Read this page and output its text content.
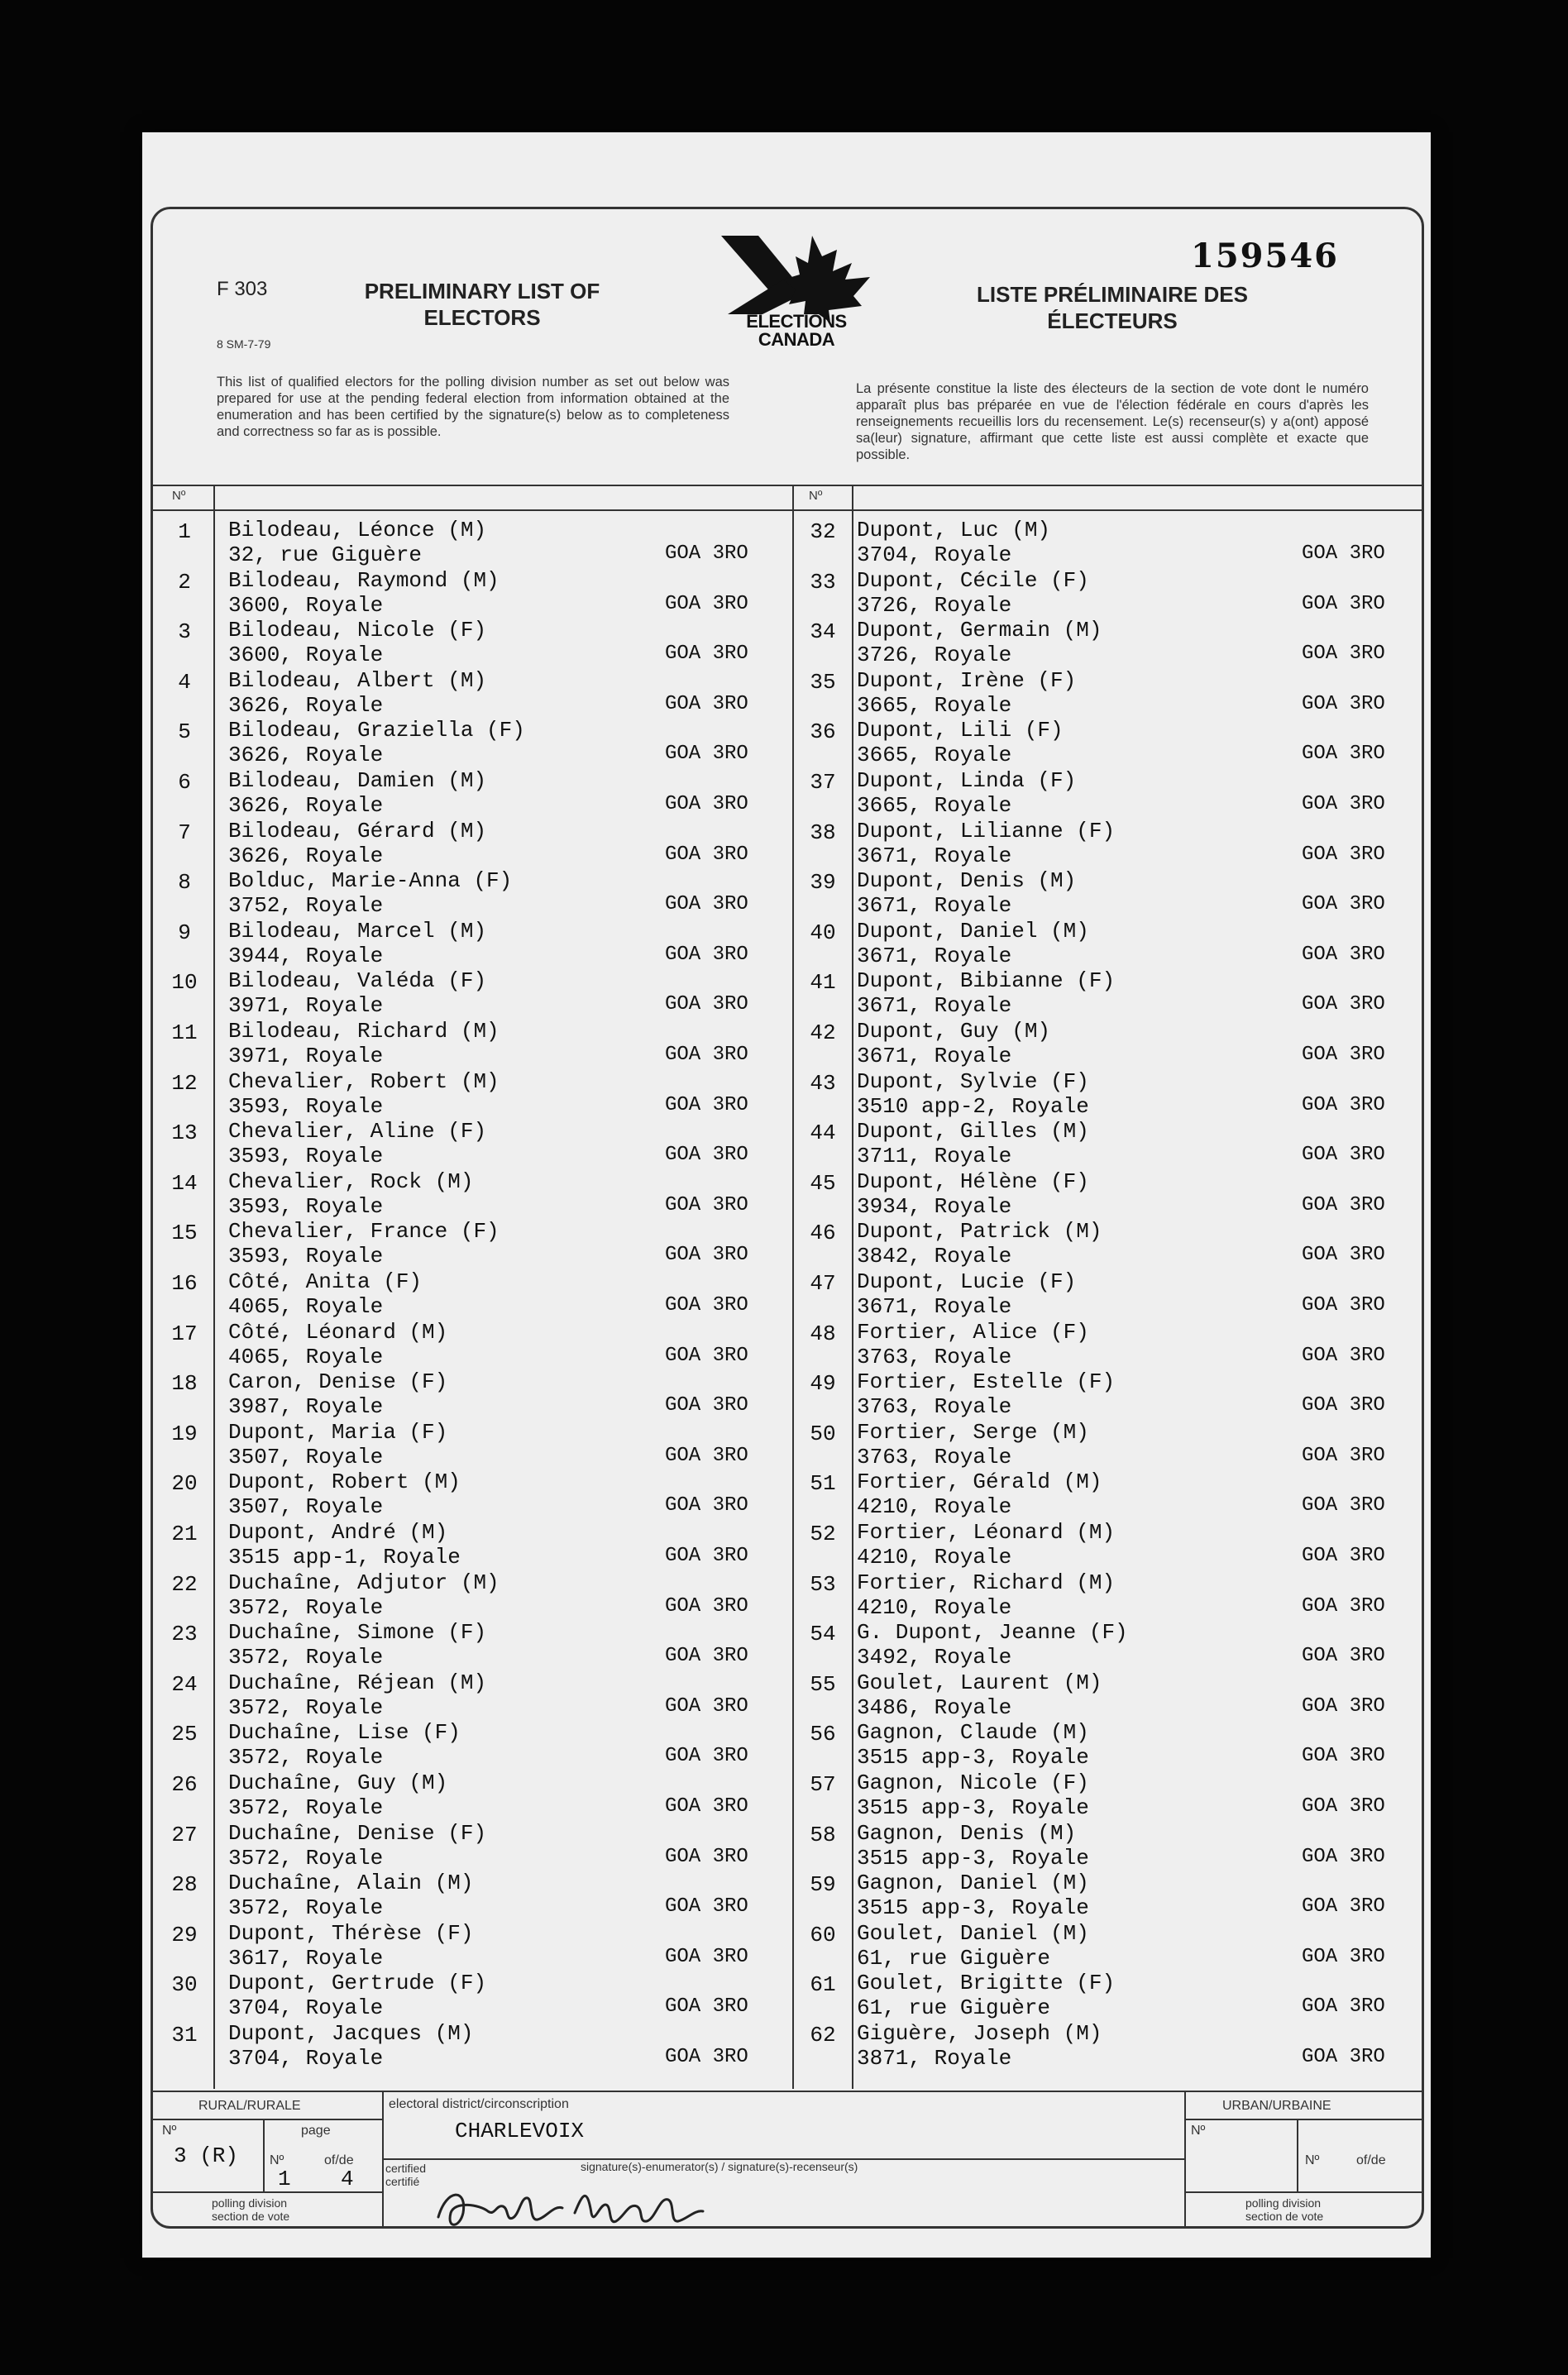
F 303
8 SM-7-79
PRELIMINARY LIST OF
ELECTORS	ELECTIONS
CANADA
159546
LISTE PRÉLIMINAIRE DES
ÉLECTEURS
This list of qualified electors for the polling division number as set out below was prepared for use at the pending federal election from information obtained at the enumeration and has been certified by the signature(s) below as to completeness and correctness so far as is possible.
La présente constitue la liste des électeurs de la section de vote dont le numéro apparaît plus bas préparée en vue de l'élection fédérale en cours d'après les renseignements recueillis lors du recensement. Le(s) recenseur(s) y a(ont) apposé sa(leur) signature, affirmant que cette liste est aussi complète et exacte que possible.
Nº	Nº
1	Bilodeau, Léonce (M)
32, rue Giguère	GOA 3RO
2	Bilodeau, Raymond (M)
3600, Royale	GOA 3RO
3	Bilodeau, Nicole (F)
3600, Royale	GOA 3RO
4	Bilodeau, Albert (M)
3626, Royale	GOA 3RO
5	Bilodeau, Graziella (F)
3626, Royale	GOA 3RO
6	Bilodeau, Damien (M)
3626, Royale	GOA 3RO
7	Bilodeau, Gérard (M)
3626, Royale	GOA 3RO
8	Bolduc, Marie-Anna (F)
3752, Royale	GOA 3RO
9	Bilodeau, Marcel (M)
3944, Royale	GOA 3RO
10	Bilodeau, Valéda (F)
3971, Royale	GOA 3RO
11	Bilodeau, Richard (M)
3971, Royale	GOA 3RO
12	Chevalier, Robert (M)
3593, Royale	GOA 3RO
13	Chevalier, Aline (F)
3593, Royale	GOA 3RO
14	Chevalier, Rock (M)
3593, Royale	GOA 3RO
15	Chevalier, France (F)
3593, Royale	GOA 3RO
16	Côté, Anita (F)
4065, Royale	GOA 3RO
17	Côté, Léonard (M)
4065, Royale	GOA 3RO
18	Caron, Denise (F)
3987, Royale	GOA 3RO
19	Dupont, Maria (F)
3507, Royale	GOA 3RO
20	Dupont, Robert (M)
3507, Royale	GOA 3RO
21	Dupont, André (M)
3515 app-1, Royale	GOA 3RO
22	Duchaîne, Adjutor (M)
3572, Royale	GOA 3RO
23	Duchaîne, Simone (F)
3572, Royale	GOA 3RO
24	Duchaîne, Réjean (M)
3572, Royale	GOA 3RO
25	Duchaîne, Lise (F)
3572, Royale	GOA 3RO
26	Duchaîne, Guy (M)
3572, Royale	GOA 3RO
27	Duchaîne, Denise (F)
3572, Royale	GOA 3RO
28	Duchaîne, Alain (M)
3572, Royale	GOA 3RO
29	Dupont, Thérèse (F)
3617, Royale	GOA 3RO
30	Dupont, Gertrude (F)
3704, Royale	GOA 3RO
31	Dupont, Jacques (M)
3704, Royale	GOA 3RO
32 Dupont, Luc (M)
3704, Royale	GOA 3RO
33 Dupont, Cécile (F)
3726, Royale	GOA 3RO
34 Dupont, Germain (M)
3726, Royale	GOA 3RO
35 Dupont, Irène (F)
3665, Royale	GOA 3RO
36 Dupont, Lili (F)
3665, Royale	GOA 3RO
37 Dupont, Linda (F)
3665, Royale	GOA 3RO
38 Dupont, Lilianne (F)
3671, Royale	GOA 3RO
39 Dupont, Denis (M)
3671, Royale	GOA 3RO
40 Dupont, Daniel (M)
3671, Royale	GOA 3RO
41 Dupont, Bibianne (F)
3671, Royale	GOA 3RO
42 Dupont, Guy (M)
3671, Royale	GOA 3RO
43 Dupont, Sylvie (F)
3510 app-2, Royale	GOA 3RO
44 Dupont, Gilles (M)
3711, Royale	GOA 3RO
45 Dupont, Hélène (F)
3934, Royale	GOA 3RO
46 Dupont, Patrick (M)
3842, Royale	GOA 3RO
47 Dupont, Lucie (F)
3671, Royale	GOA 3RO
48 Fortier, Alice (F)
3763, Royale	GOA 3RO
49 Fortier, Estelle (F)
3763, Royale	GOA 3RO
50 Fortier, Serge (M)
3763, Royale	GOA 3RO
51 Fortier, Gérald (M)
4210, Royale	GOA 3RO
52 Fortier, Léonard (M)
4210, Royale	GOA 3RO
53 Fortier, Richard (M)
4210, Royale	GOA 3RO
54 G. Dupont, Jeanne (F)
3492, Royale	GOA 3RO
55 Goulet, Laurent (M)
3486, Royale	GOA 3RO
56 Gagnon, Claude (M)
3515 app-3, Royale	GOA 3RO
57 Gagnon, Nicole (F)
3515 app-3, Royale	GOA 3RO
58 Gagnon, Denis (M)
3515 app-3, Royale	GOA 3RO
59 Gagnon, Daniel (M)
3515 app-3, Royale	GOA 3RO
60 Goulet, Daniel (M)
61, rue Giguère	GOA 3RO
61 Goulet, Brigitte (F)
61, rue Giguère	GOA 3RO
62 Giguère, Joseph (M)
3871, Royale	GOA 3RO
RURAL/RURALE	URBAN/URBAINE
Nº	Nº
page
Nº	of/de	Nº	of/de
3 (R)
1 4
electoral district/circonscription
CHARLEVOIX
certified
certifié
signature(s)-enumerator(s) / signature(s)-recenseur(s)
polling division
section de vote
polling division
section de vote
